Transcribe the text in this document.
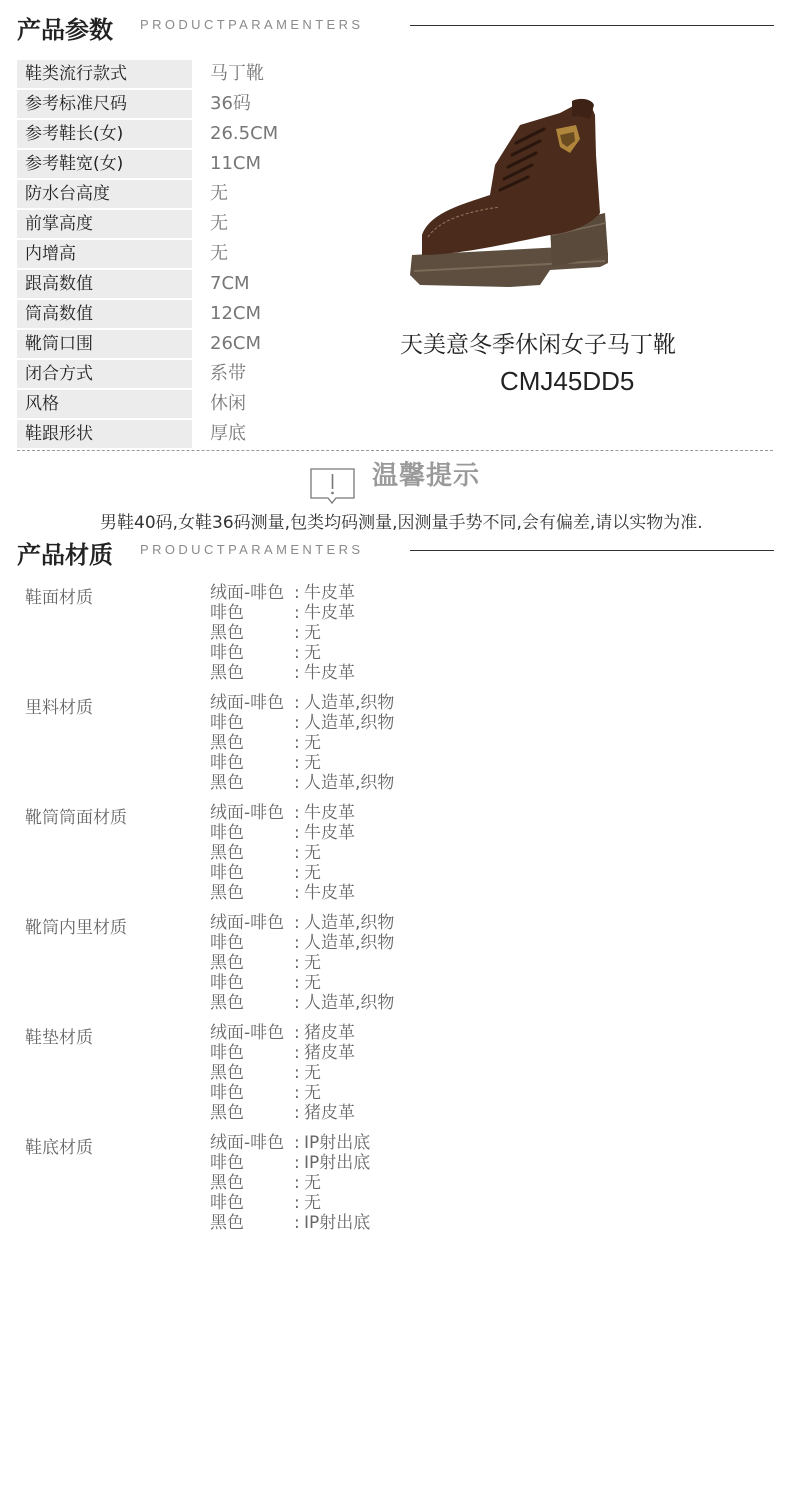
产品参数 PRODUCTPARAMENTERS
鞋类流行款式	马丁靴
参考标准尺码	36码
参考鞋长(女)	26.5CM
参考鞋宽(女)	11CM
防水台高度	无
前掌高度	无
内增高	无
跟高数值	7CM
筒高数值	12CM
靴筒口围	26CM
闭合方式	系带
风格	休闲
鞋跟形状	厚底
天美意冬季休闲女子马丁靴
CMJ45DD5
温馨提示
男鞋40码,女鞋36码测量,包类均码测量,因测量手势不同,会有偏差,请以实物为准.
产品材质 PRODUCTPARAMENTERS
鞋面材质	绒面-啡色 : 牛皮革
啡色	: 牛皮革
黑色	: 无
啡色	: 无
黑色	: 牛皮革
里料材质	绒面-啡色 : 人造革,织物
啡色	: 人造革,织物
黑色	: 无
啡色	: 无
黑色	: 人造革,织物
靴筒筒面材质	绒面-啡色 : 牛皮革
啡色	: 牛皮革
黑色	: 无
啡色	: 无
黑色	: 牛皮革
靴筒内里材质	绒面-啡色 : 人造革,织物
啡色	: 人造革,织物
黑色	: 无
啡色	: 无
黑色	: 人造革,织物
鞋垫材质	绒面-啡色 : 猪皮革
啡色	: 猪皮革
黑色	: 无
啡色	: 无
黑色	: 猪皮革
鞋底材质	绒面-啡色 : IP射出底
啡色	: IP射出底
黑色	: 无
啡色	: 无
黑色	: IP射出底
